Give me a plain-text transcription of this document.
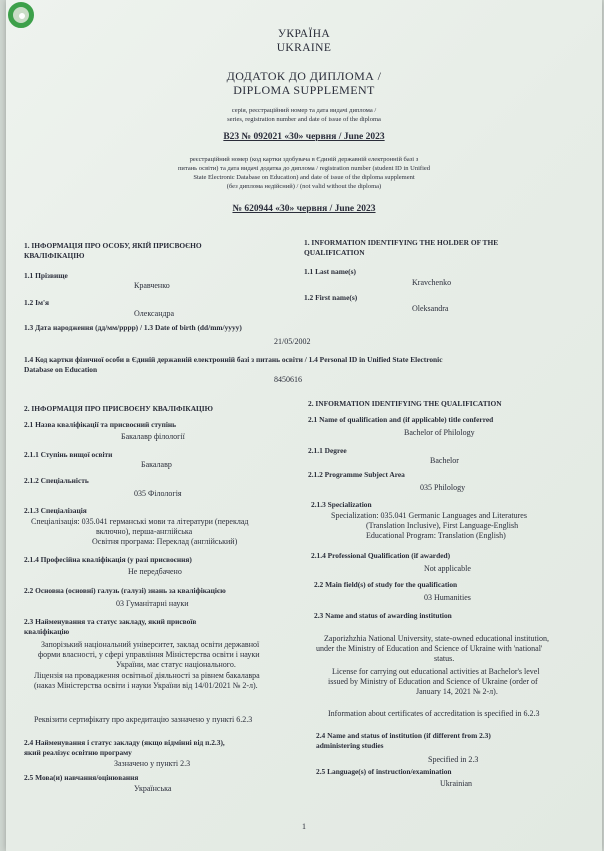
УКРАЇНА
UKRAINE
ДОДАТОК ДО ДИПЛОМА /
DIPLOMA SUPPLEMENT
серія, реєстраційний номер та дата видачі диплома /
series, registration number and date of issue of the diploma
В23 № 092021 «30» червня / June 2023
реєстраційний номер (код картки здобувача в Єдиній державній електронній базі з
питань освіти) та дата видачі додатка до диплома / registration number (student ID in Unified
State Electronic Database on Education) and date of issue of the diploma supplement
(без диплома недійсний) / (not valid without the diploma)
№ 620944 «30» червня / June 2023
1. ІНФОРМАЦІЯ ПРО ОСОБУ, ЯКІЙ ПРИСВОЄНО
КВАЛІФІКАЦІЮ
1. INFORMATION IDENTIFYING THE HOLDER OF THE
QUALIFICATION
1.1 Прізвище
Кравченко
1.1 Last name(s)
Kravchenko
1.2 Ім'я
Олександра
1.2 First name(s)
Oleksandra
1.3 Дата народження (дд/мм/рррр) / 1.3 Date of birth (dd/mm/yyyy)
21/05/2002
1.4 Код картки фізичної особи в Єдиній державній електронній базі з питань освіти / 1.4 Personal ID in Unified State Electronic
Database on Education
8450616
2. ІНФОРМАЦІЯ ПРО ПРИСВОЄНУ КВАЛІФІКАЦІЮ
2. INFORMATION IDENTIFYING THE QUALIFICATION
2.1 Назва кваліфікації та присвоєний ступінь
Бакалавр філології
2.1 Name of qualification and (if applicable) title conferred
Bachelor of Philology
2.1.1 Ступінь вищої освіти
Бакалавр
2.1.1 Degree
Bachelor
2.1.2 Спеціальність
035 Філологія
2.1.2 Programme Subject Area
035 Philology
2.1.3 Спеціалізація
Спеціалізація: 035.041 германські мови та літератури (переклад
включно), перша-англійська
Освітня програма: Переклад (англійський)
2.1.3 Specialization
Specialization: 035.041 Germanic Languages and Literatures
(Translation Inclusive), First Language-English
Educational Program: Translation (English)
2.1.4 Професійна кваліфікація (у разі присвоєння)
Не передбачено
2.1.4 Professional Qualification (if awarded)
Not applicable
2.2 Основна (основні) галузь (галузі) знань за кваліфікацією
03 Гуманітарні науки
2.2 Main field(s) of study for the qualification
03 Humanities
2.3 Найменування та статус закладу, який присвоїв
кваліфікацію
2.3 Name and status of awarding institution
Запорізький національний університет, заклад освіти державної
форми власності, у сфері управління Міністерства освіти і науки
України, має статус національного.
Ліцензія на провадження освітньої діяльності за рівнем бакалавра
(наказ Міністерства освіти і науки України від 14/01/2021 № 2-л).
Zaporizhzhia National University, state-owned educational institution,
under the Ministry of Education and Science of Ukraine with 'national'
status.
License for carrying out educational activities at Bachelor's level
issued by Ministry of Education and Science of Ukraine (order of
January 14, 2021 № 2-л).
Реквізити сертифікату про акредитацію зазначено у пункті 6.2.3
Information about certificates of accreditation is specified in 6.2.3
2.4 Найменування і статус закладу (якщо відмінні від п.2.3),
який реалізує освітню програму
Зазначено у пункті 2.3
2.4 Name and status of institution (if different from 2.3)
administering studies
Specified in 2.3
2.5 Мова(и) навчання/оцінювання
Українська
2.5 Language(s) of instruction/examination
Ukrainian
1
